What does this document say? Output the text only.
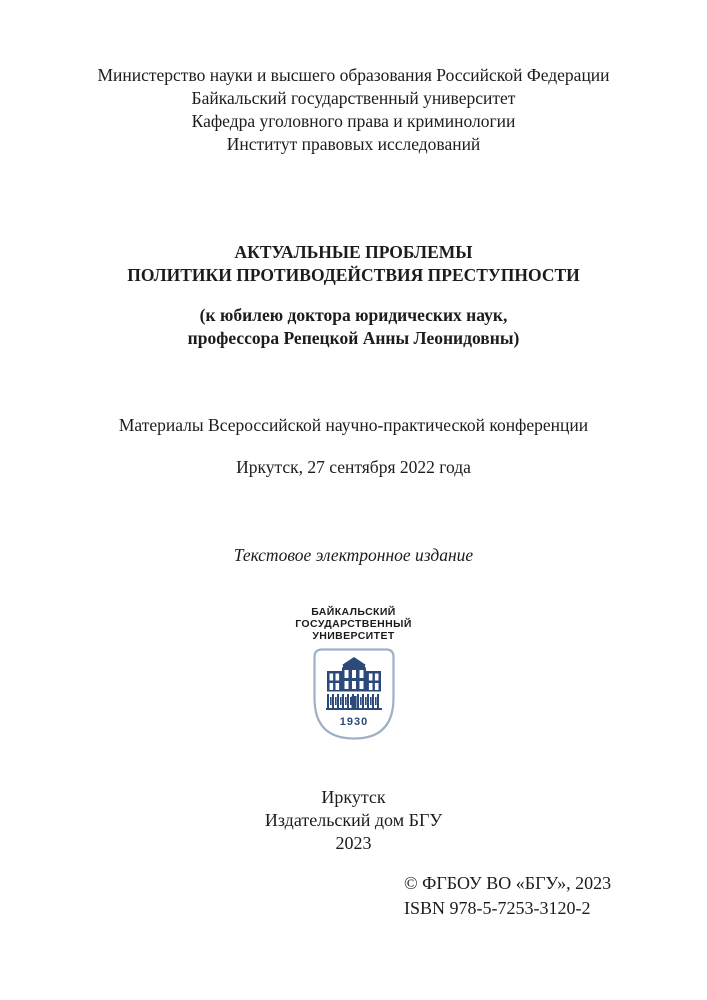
Министерство науки и высшего образования Российской Федерации
Байкальский государственный университет
Кафедра уголовного права и криминологии
Институт правовых исследований
АКТУАЛЬНЫЕ ПРОБЛЕМЫ
ПОЛИТИКИ ПРОТИВОДЕЙСТВИЯ ПРЕСТУПНОСТИ
(к юбилею доктора юридических наук,
профессора Репецкой Анны Леонидовны)
Материалы Всероссийской научно-практической конференции
Иркутск, 27 сентября 2022 года
Текстовое электронное издание
БАЙКАЛЬСКИЙ
ГОСУДАРСТВЕННЫЙ
УНИВЕРСИТЕТ
1930
Иркутск
Издательский дом БГУ
2023
© ФГБОУ ВО «БГУ», 2023
ISBN 978-5-7253-3120-2
